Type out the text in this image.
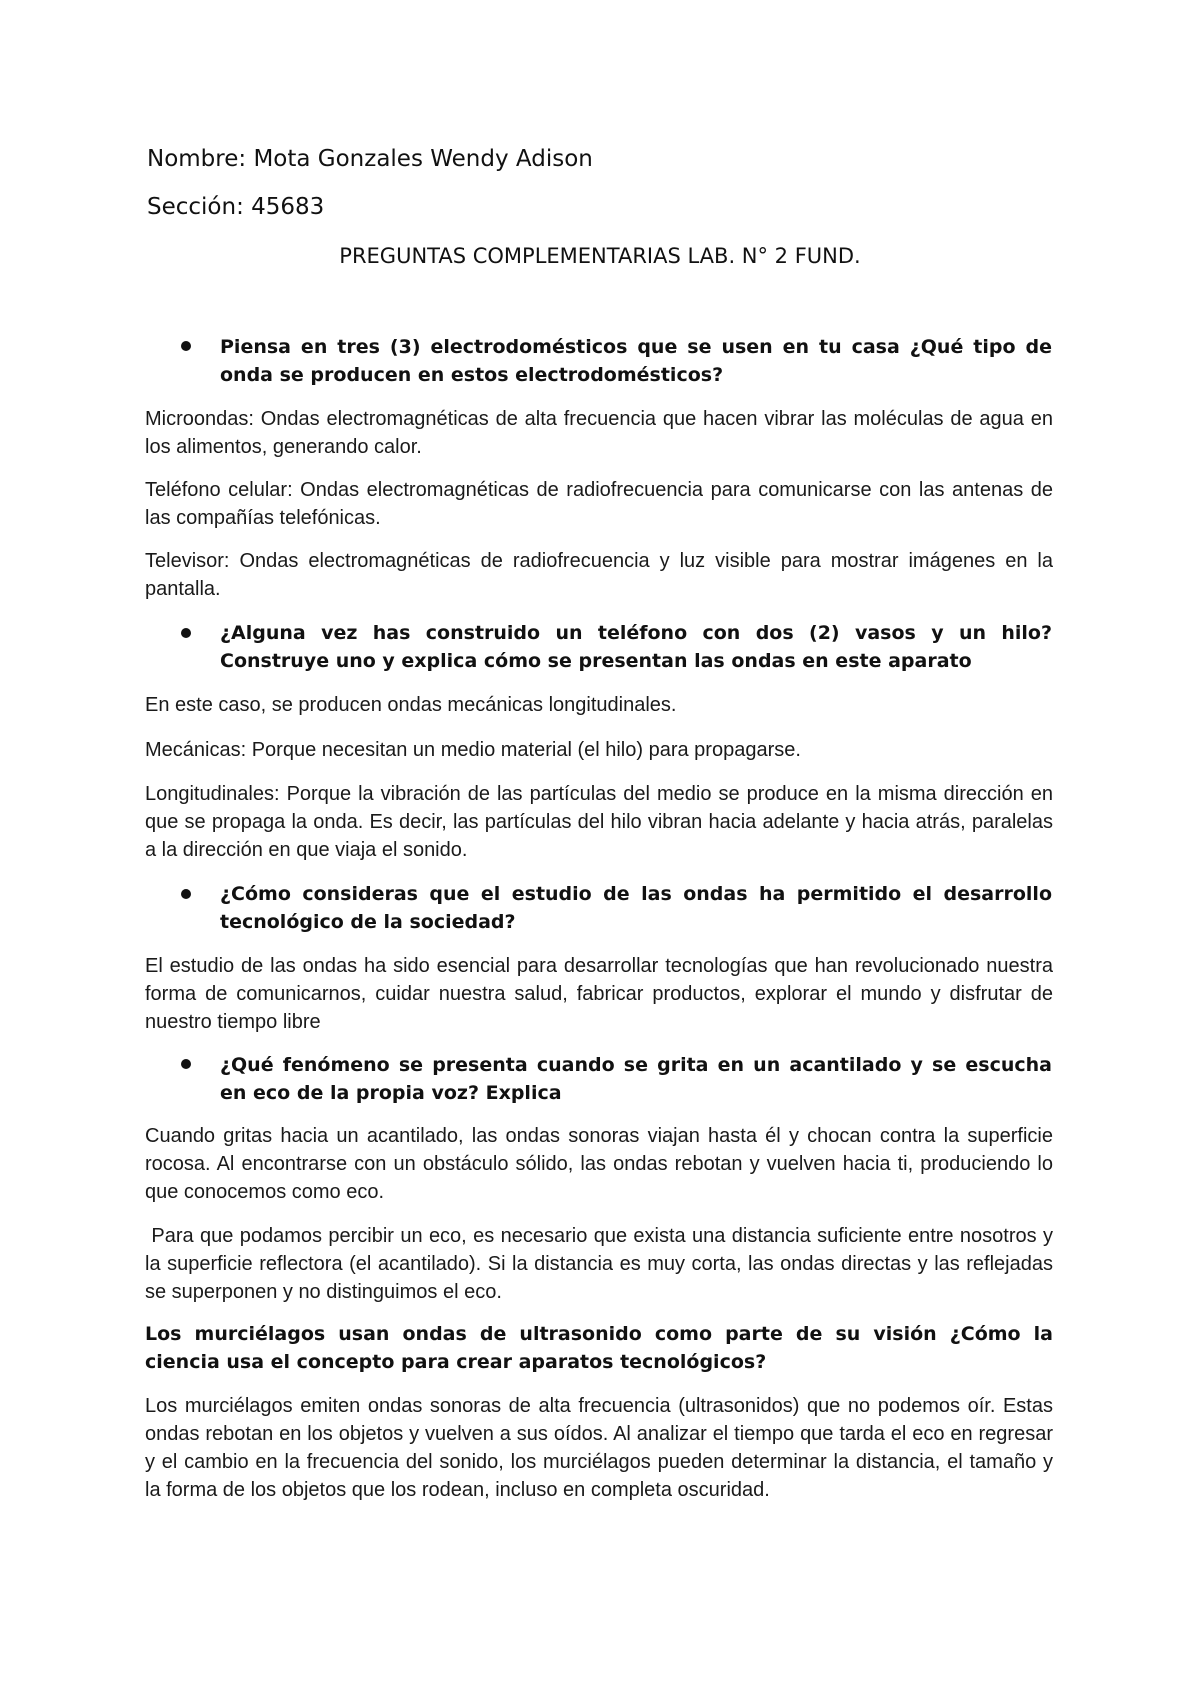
Nombre: Mota Gonzales Wendy Adison
Sección: 45683
PREGUNTAS COMPLEMENTARIAS LAB. N° 2 FUND.
Piensa en tres (3) electrodomésticos que se usen en tu casa ¿Qué tipo de onda se producen en estos electrodomésticos?
Microondas: Ondas electromagnéticas de alta frecuencia que hacen vibrar las moléculas de agua en los alimentos, generando calor.
Teléfono celular: Ondas electromagnéticas de radiofrecuencia para comunicarse con las antenas de las compañías telefónicas.
Televisor: Ondas electromagnéticas de radiofrecuencia y luz visible para mostrar imágenes en la pantalla.
¿Alguna vez has construido un teléfono con dos (2) vasos y un hilo? Construye uno y explica cómo se presentan las ondas en este aparato
En este caso, se producen ondas mecánicas longitudinales.
Mecánicas: Porque necesitan un medio material (el hilo) para propagarse.
Longitudinales: Porque la vibración de las partículas del medio se produce en la misma dirección en que se propaga la onda. Es decir, las partículas del hilo vibran hacia adelante y hacia atrás, paralelas a la dirección en que viaja el sonido.
¿Cómo consideras que el estudio de las ondas ha permitido el desarrollo tecnológico de la sociedad?
El estudio de las ondas ha sido esencial para desarrollar tecnologías que han revolucionado nuestra forma de comunicarnos, cuidar nuestra salud, fabricar productos, explorar el mundo y disfrutar de nuestro tiempo libre
¿Qué fenómeno se presenta cuando se grita en un acantilado y se escucha en eco de la propia voz? Explica
Cuando gritas hacia un acantilado, las ondas sonoras viajan hasta él y chocan contra la superficie rocosa. Al encontrarse con un obstáculo sólido, las ondas rebotan y vuelven hacia ti, produciendo lo que conocemos como eco.
Para que podamos percibir un eco, es necesario que exista una distancia suficiente entre nosotros y la superficie reflectora (el acantilado). Si la distancia es muy corta, las ondas directas y las reflejadas se superponen y no distinguimos el eco.
Los murciélagos usan ondas de ultrasonido como parte de su visión ¿Cómo la ciencia usa el concepto para crear aparatos tecnológicos?
Los murciélagos emiten ondas sonoras de alta frecuencia (ultrasonidos) que no podemos oír. Estas ondas rebotan en los objetos y vuelven a sus oídos. Al analizar el tiempo que tarda el eco en regresar y el cambio en la frecuencia del sonido, los murciélagos pueden determinar la distancia, el tamaño y la forma de los objetos que los rodean, incluso en completa oscuridad.
